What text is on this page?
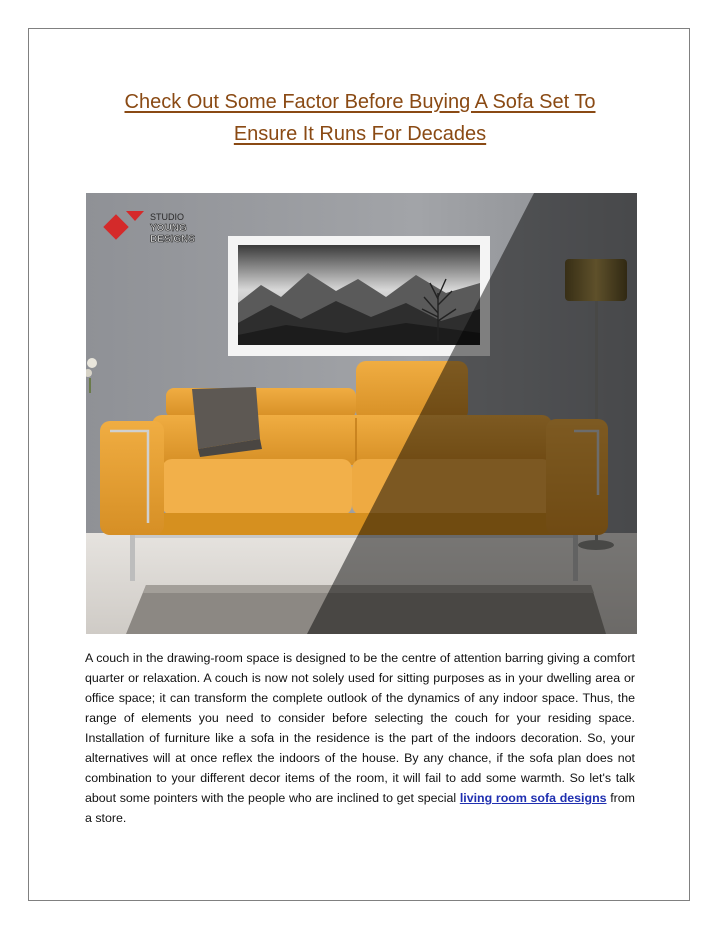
Check Out Some Factor Before Buying A Sofa Set To
Ensure It Runs For Decades
STUDIO
YOUNG
DESIGNS

A couch in the drawing-room space is designed to be the centre of attention barring giving a comfort quarter or relaxation. A couch is now not solely used for sitting purposes as in your dwelling area or office space; it can transform the complete outlook of the dynamics of any indoor space. Thus, the range of elements you need to consider before selecting the couch for your residing space. Installation of furniture like a sofa in the residence is the part of the indoors decoration. So, your alternatives will at once reflex the indoors of the house. By any chance, if the sofa plan does not combination to your different decor items of the room, it will fail to add some warmth. So let's talk about some pointers with the people who are inclined to get special living room sofa designs from a store.
